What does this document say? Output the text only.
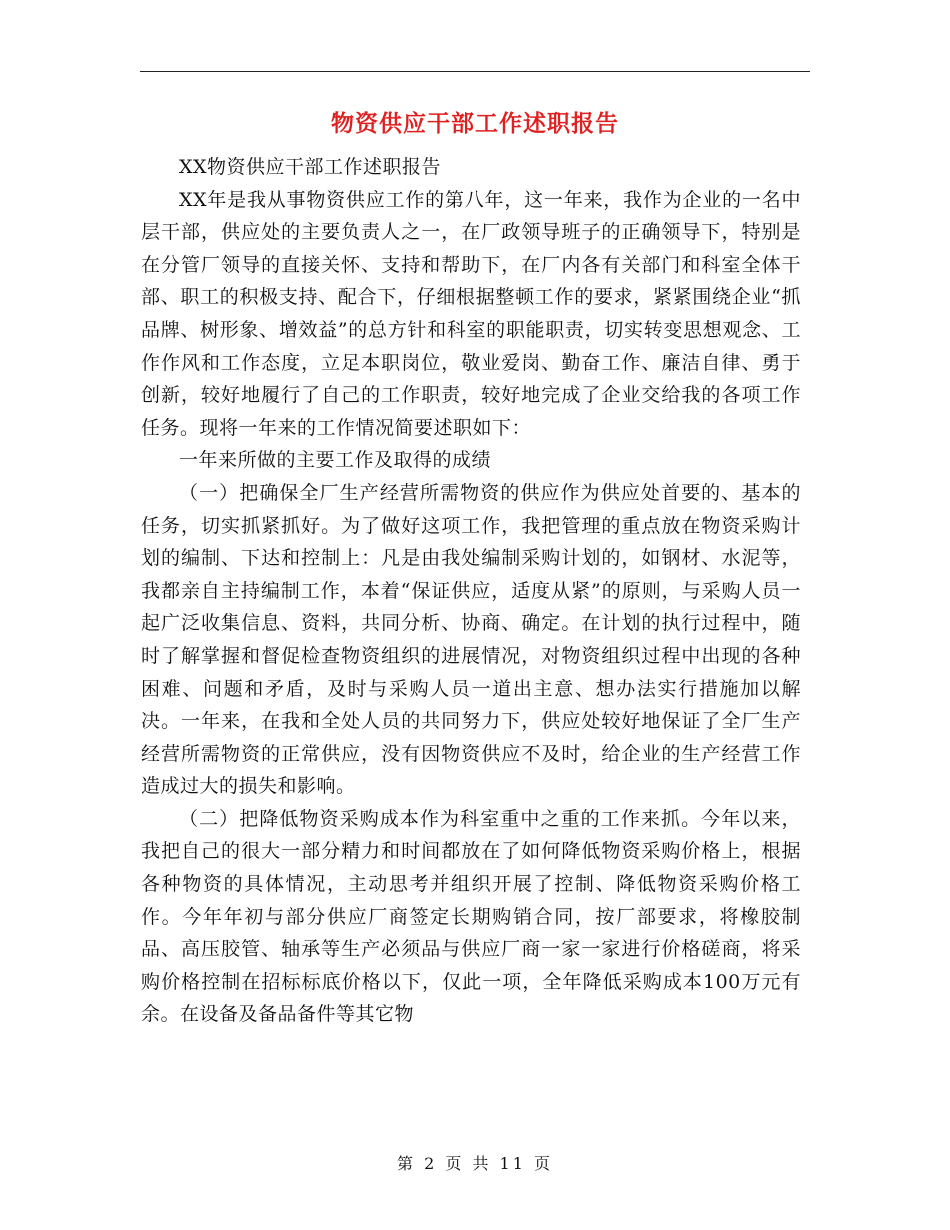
物资供应干部工作述职报告

XX物资供应干部工作述职报告

XX年是我从事物资供应工作的第八年，这一年来，我作为企业的一名中层干部，供应处的主要负责人之一，在厂政领导班子的正确领导下，特别是在分管厂领导的直接关怀、支持和帮助下，在厂内各有关部门和科室全体干部、职工的积极支持、配合下，仔细根据整顿工作的要求，紧紧围绕企业“抓品牌、树形象、增效益”的总方针和科室的职能职责，切实转变思想观念、工作作风和工作态度，立足本职岗位，敬业爱岗、勤奋工作、廉洁自律、勇于创新，较好地履行了自己的工作职责，较好地完成了企业交给我的各项工作任务。现将一年来的工作情况简要述职如下：

一年来所做的主要工作及取得的成绩

（一）把确保全厂生产经营所需物资的供应作为供应处首要的、基本的任务，切实抓紧抓好。为了做好这项工作，我把管理的重点放在物资采购计划的编制、下达和控制上：凡是由我处编制采购计划的，如钢材、水泥等，我都亲自主持编制工作，本着“保证供应，适度从紧”的原则，与采购人员一起广泛收集信息、资料，共同分析、协商、确定。在计划的执行过程中，随时了解掌握和督促检查物资组织的进展情况，对物资组织过程中出现的各种困难、问题和矛盾，及时与采购人员一道出主意、想办法实行措施加以解决。一年来，在我和全处人员的共同努力下，供应处较好地保证了全厂生产经营所需物资的正常供应，没有因物资供应不及时，给企业的生产经营工作造成过大的损失和影响。

（二）把降低物资采购成本作为科室重中之重的工作来抓。今年以来，我把自己的很大一部分精力和时间都放在了如何降低物资采购价格上，根据各种物资的具体情况，主动思考并组织开展了控制、降低物资采购价格工作。今年年初与部分供应厂商签定长期购销合同，按厂部要求，将橡胶制品、高压胶管、轴承等生产必须品与供应厂商一家一家进行价格磋商，将采购价格控制在招标标底价格以下，仅此一项，全年降低采购成本100万元有余。在设备及备品备件等其它物

第 2 页 共 11 页
